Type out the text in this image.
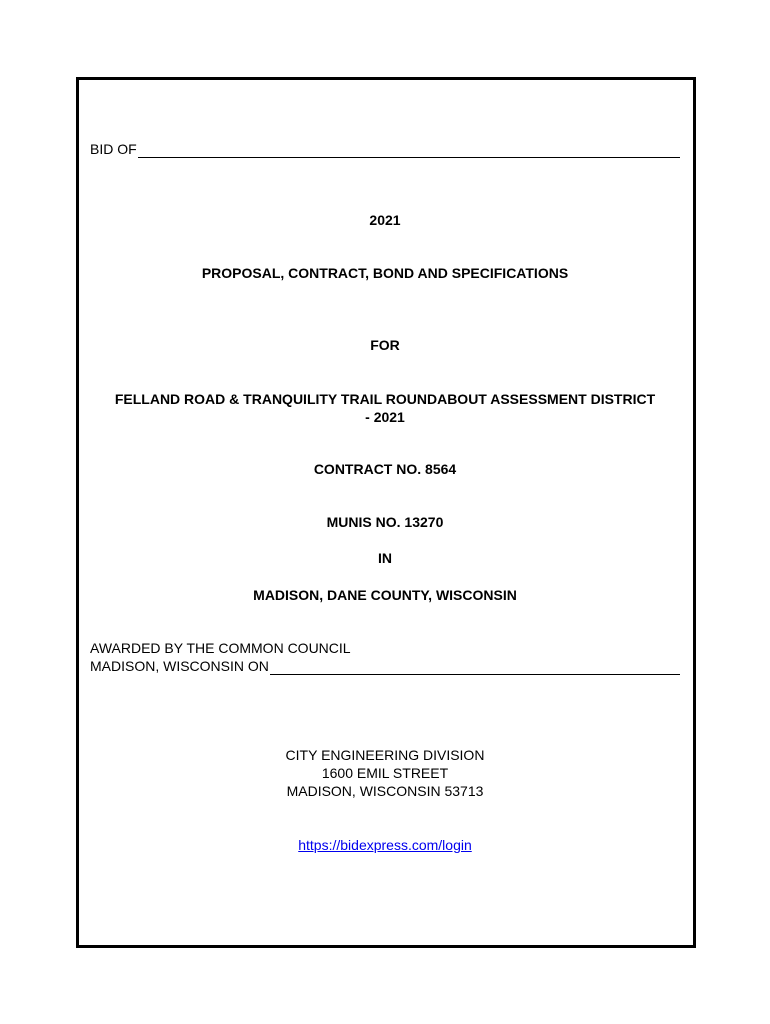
BID OF
2021
PROPOSAL, CONTRACT, BOND AND SPECIFICATIONS
FOR
FELLAND ROAD & TRANQUILITY TRAIL ROUNDABOUT ASSESSMENT DISTRICT
- 2021
CONTRACT NO. 8564
MUNIS NO. 13270
IN
MADISON, DANE COUNTY, WISCONSIN
AWARDED BY THE COMMON COUNCIL
MADISON, WISCONSIN ON
CITY ENGINEERING DIVISION
1600 EMIL STREET
MADISON, WISCONSIN 53713
https://bidexpress.com/login
